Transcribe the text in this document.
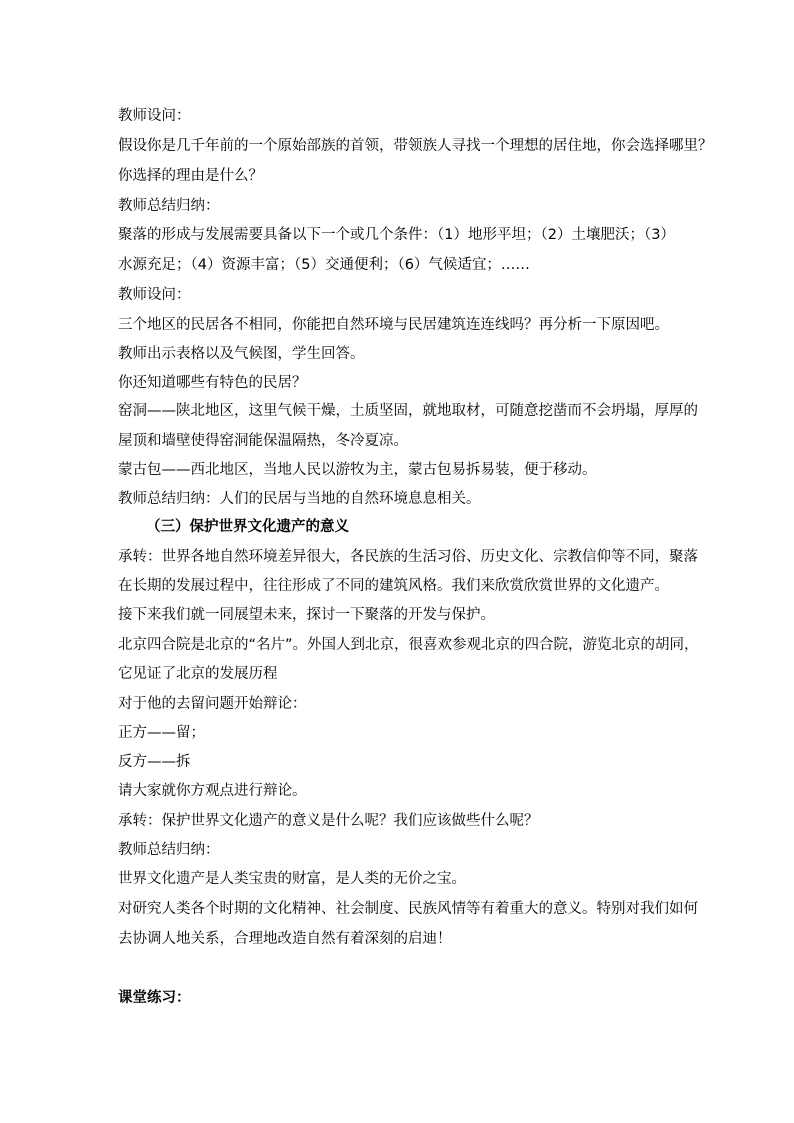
教师设问：
假设你是几千年前的一个原始部族的首领，带领族人寻找一个理想的居住地，你会选择哪里？
你选择的理由是什么？
教师总结归纳：
聚落的形成与发展需要具备以下一个或几个条件：（1）地形平坦；（2）土壤肥沃；（3）
水源充足；（4）资源丰富；（5）交通便利；（6）气候适宜；……
教师设问：
三个地区的民居各不相同，你能把自然环境与民居建筑连连线吗？再分析一下原因吧。
教师出示表格以及气候图，学生回答。
你还知道哪些有特色的民居？
窑洞——陕北地区，这里气候干燥，土质坚固，就地取材，可随意挖凿而不会坍塌，厚厚的
屋顶和墙壁使得窑洞能保温隔热，冬冷夏凉。
蒙古包——西北地区，当地人民以游牧为主，蒙古包易拆易装，便于移动。
教师总结归纳：人们的民居与当地的自然环境息息相关。
（三）保护世界文化遗产的意义
承转：世界各地自然环境差异很大，各民族的生活习俗、历史文化、宗教信仰等不同，聚落
在长期的发展过程中，往往形成了不同的建筑风格。我们来欣赏欣赏世界的文化遗产。
接下来我们就一同展望未来，探讨一下聚落的开发与保护。
北京四合院是北京的“名片”。外国人到北京，很喜欢参观北京的四合院，游览北京的胡同，
它见证了北京的发展历程
对于他的去留问题开始辩论：
正方——留；
反方——拆
请大家就你方观点进行辩论。
承转：保护世界文化遗产的意义是什么呢？我们应该做些什么呢？
教师总结归纳：
世界文化遗产是人类宝贵的财富，是人类的无价之宝。
对研究人类各个时期的文化精神、社会制度、民族风情等有着重大的意义。特别对我们如何
去协调人地关系，合理地改造自然有着深刻的启迪！
课堂练习：
